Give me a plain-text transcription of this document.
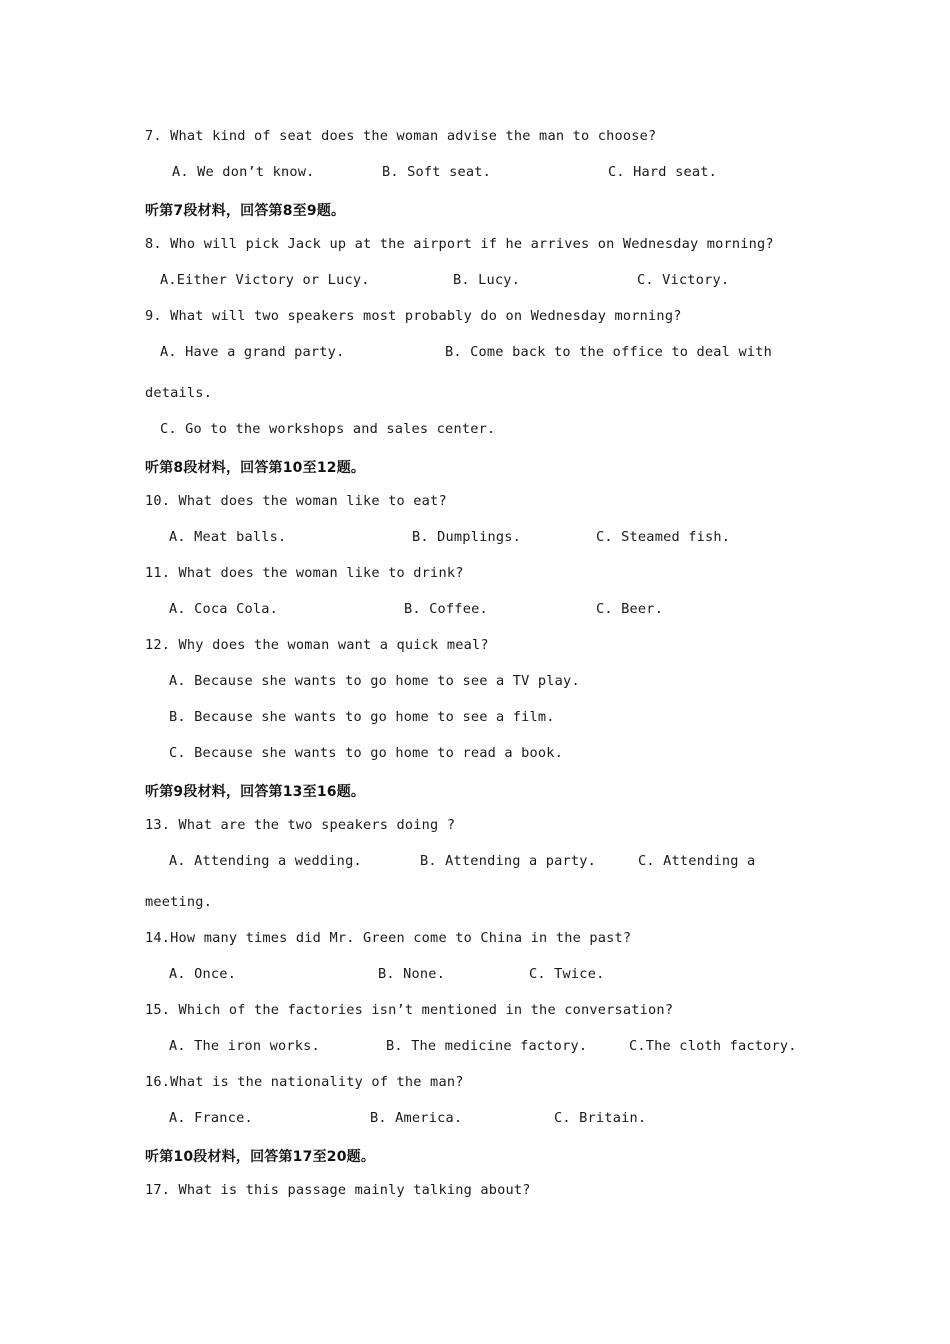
7. What kind of seat does the woman advise the man to choose?
A. We don’t know.	B. Soft seat.	C. Hard seat.
听第7段材料，回答第8至9题。
8. Who will pick Jack up at the airport if he arrives on Wednesday morning?
A.Either Victory or Lucy.	B. Lucy.	C. Victory.
9. What will two speakers most probably do on Wednesday morning?
A. Have a grand party.	B. Come back to the office to deal with
details.
C. Go to the workshops and sales center.
听第8段材料，回答第10至12题。
10. What does the woman like to eat?
A. Meat balls.	B. Dumplings.	C. Steamed fish.
11. What does the woman like to drink?
A. Coca Cola.	B. Coffee.	C. Beer.
12. Why does the woman want a quick meal?
A. Because she wants to go home to see a TV play.
B. Because she wants to go home to see a film.
C. Because she wants to go home to read a book.
听第9段材料，回答第13至16题。
13. What are the two speakers doing ?
A. Attending a wedding.	B. Attending a party.	C. Attending a
meeting.
14.How many times did Mr. Green come to China in the past?
A. Once.	B. None.	C. Twice.
15. Which of the factories isn’t mentioned in the conversation?
A. The iron works.	B. The medicine factory.	C.The cloth factory.
16.What is the nationality of the man?
A. France.	B. America.	C. Britain.
听第10段材料，回答第17至20题。
17. What is this passage mainly talking about?
